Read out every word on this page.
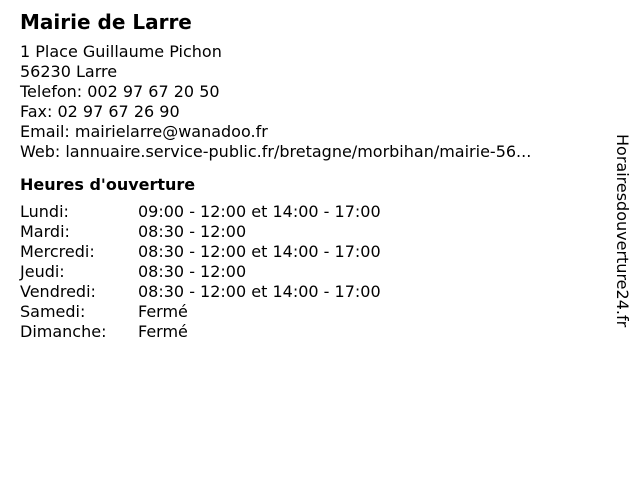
Mairie de Larre
1 Place Guillaume Pichon
56230 Larre
Telefon: 002 97 67 20 50
Fax: 02 97 67 26 90
Email: mairielarre@wanadoo.fr
Web: lannuaire.service-public.fr/bretagne/morbihan/mairie-56...
Heures d'ouverture
Lundi:	09:00 - 12:00 et 14:00 - 17:00
Mardi:	08:30 - 12:00
Mercredi:	08:30 - 12:00 et 14:00 - 17:00
Jeudi:	08:30 - 12:00
Vendredi:	08:30 - 12:00 et 14:00 - 17:00
Samedi:	Fermé
Dimanche:	Fermé
Horairesdouverture24.fr
